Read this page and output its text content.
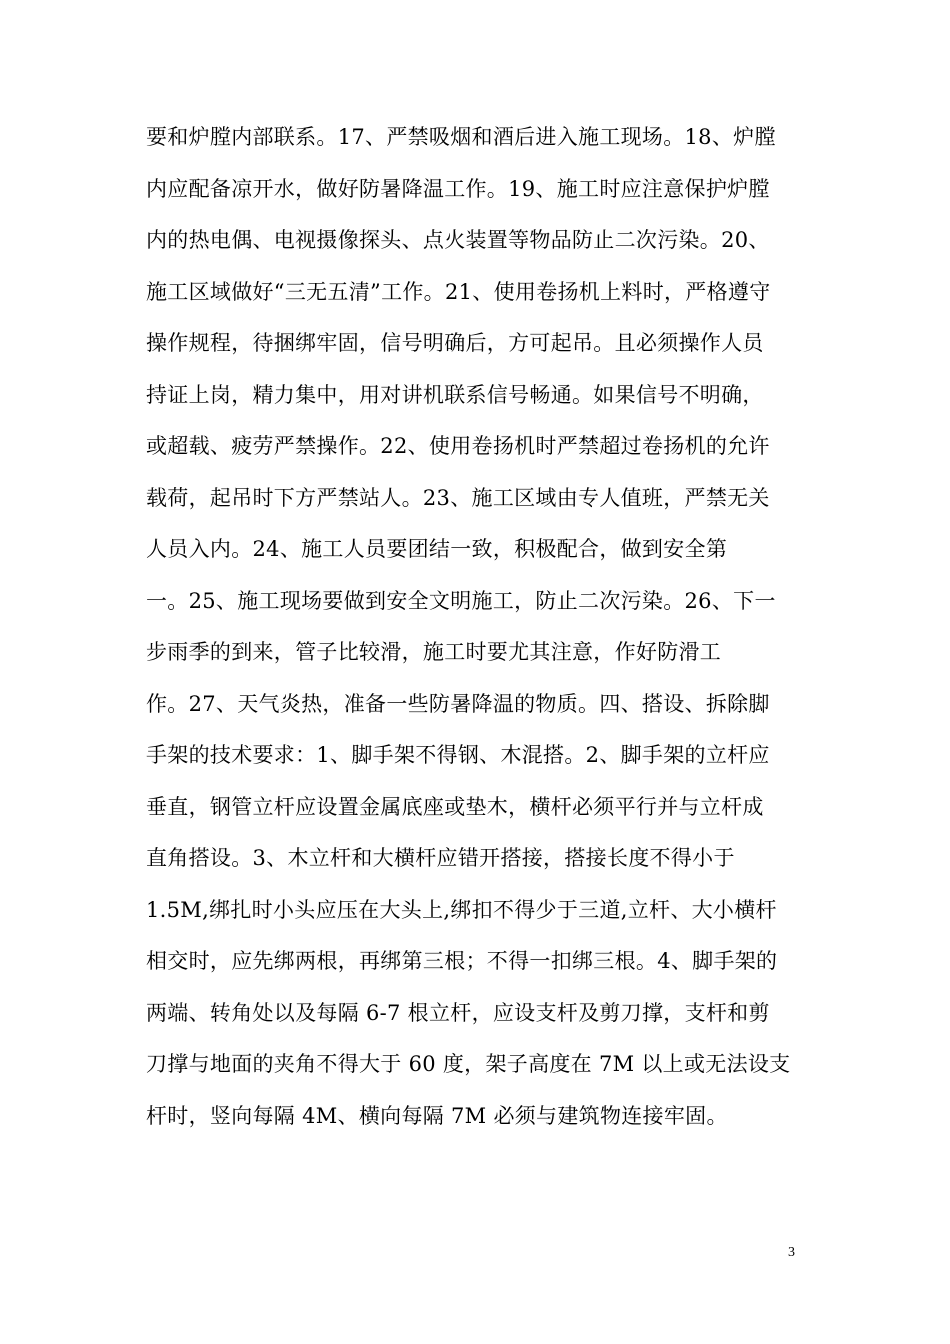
要和炉膛内部联系。17、严禁吸烟和酒后进入施工现场。18、炉膛
内应配备凉开水，做好防暑降温工作。19、施工时应注意保护炉膛
内的热电偶、电视摄像探头、点火装置等物品防止二次污染。20、
施工区域做好“三无五清”工作。21、使用卷扬机上料时，严格遵守
操作规程，待捆绑牢固，信号明确后，方可起吊。且必须操作人员
持证上岗，精力集中，用对讲机联系信号畅通。如果信号不明确，
或超载、疲劳严禁操作。22、使用卷扬机时严禁超过卷扬机的允许
载荷，起吊时下方严禁站人。23、施工区域由专人值班，严禁无关
人员入内。24、施工人员要团结一致，积极配合，做到安全第
一。25、施工现场要做到安全文明施工，防止二次污染。26、下一
步雨季的到来，管子比较滑，施工时要尤其注意，作好防滑工
作。27、天气炎热，准备一些防暑降温的物质。四、搭设、拆除脚
手架的技术要求：1、脚手架不得钢、木混搭。2、脚手架的立杆应
垂直，钢管立杆应设置金属底座或垫木，横杆必须平行并与立杆成
直角搭设。3、木立杆和大横杆应错开搭接，搭接长度不得小于
1.5M,绑扎时小头应压在大头上,绑扣不得少于三道,立杆、大小横杆
相交时，应先绑两根，再绑第三根；不得一扣绑三根。4、脚手架的
两端、转角处以及每隔 6-7 根立杆，应设支杆及剪刀撑，支杆和剪
刀撑与地面的夹角不得大于 60 度，架子高度在 7M 以上或无法设支
杆时，竖向每隔 4M、横向每隔 7M 必须与建筑物连接牢固。
3
